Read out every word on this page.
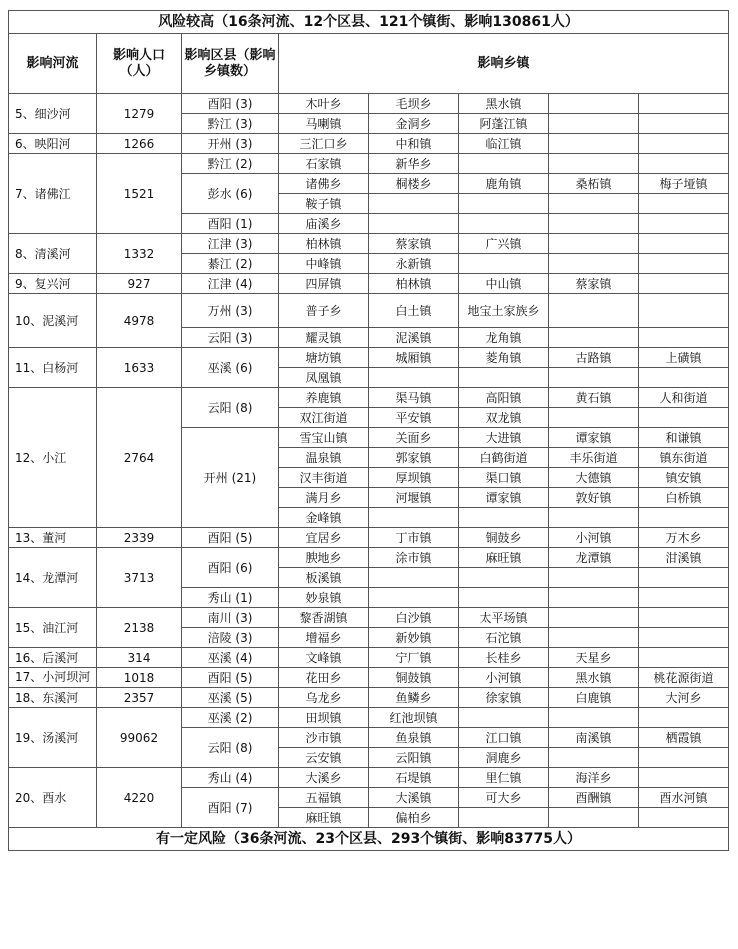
风险较高（16条河流、12个区县、121个镇街、影响130861人）							
影响河流	影响人口（人）	影响区县（影响乡镇数）	影响乡镇				
5、细沙河	1279	酉阳 (3)	木叶乡	毛坝乡	黑水镇		
		黔江 (3)	马喇镇	金洞乡	阿蓬江镇		
6、映阳河	1266	开州 (3)	三汇口乡	中和镇	临江镇		
7、诸佛江	1521	黔江 (2)	石家镇	新华乡			
		彭水 (6)	诸佛乡	桐楼乡	鹿角镇	桑柘镇	梅子垭镇
			鞍子镇				
		酉阳 (1)	庙溪乡				
8、清溪河	1332	江津 (3)	柏林镇	蔡家镇	广兴镇		
		綦江 (2)	中峰镇	永新镇			
9、复兴河	927	江津 (4)	四屏镇	柏林镇	中山镇	蔡家镇	
10、泥溪河	4978	万州 (3)	普子乡	白土镇	地宝土家族乡		
		云阳 (3)	耀灵镇	泥溪镇	龙角镇		
11、白杨河	1633	巫溪 (6)	塘坊镇	城厢镇	菱角镇	古路镇	上磺镇
			凤凰镇				
12、小江	2764	云阳 (8)	养鹿镇	渠马镇	高阳镇	黄石镇	人和街道
			双江街道	平安镇	双龙镇		
		开州 (21)	雪宝山镇	关面乡	大进镇	谭家镇	和谦镇
			温泉镇	郭家镇	白鹤街道	丰乐街道	镇东街道
			汉丰街道	厚坝镇	渠口镇	大德镇	镇安镇
			满月乡	河堰镇	谭家镇	敦好镇	白桥镇
			金峰镇				
13、董河	2339	酉阳 (5)	宜居乡	丁市镇	铜鼓乡	小河镇	万木乡
14、龙潭河	3713	酉阳 (6)	腴地乡	涂市镇	麻旺镇	龙潭镇	泔溪镇
			板溪镇				
		秀山 (1)	妙泉镇				
15、油江河	2138	南川 (3)	黎香湖镇	白沙镇	太平场镇		
		涪陵 (3)	增福乡	新妙镇	石沱镇		
16、后溪河	314	巫溪 (4)	文峰镇	宁厂镇	长桂乡	天星乡	
17、小河坝河	1018	酉阳 (5)	花田乡	铜鼓镇	小河镇	黑水镇	桃花源街道
18、东溪河	2357	巫溪 (5)	乌龙乡	鱼鳞乡	徐家镇	白鹿镇	大河乡
19、汤溪河	99062	巫溪 (2)	田坝镇	红池坝镇			
		云阳 (8)	沙市镇	鱼泉镇	江口镇	南溪镇	栖霞镇
			云安镇	云阳镇	洞鹿乡		
20、酉水	4220	秀山 (4)	大溪乡	石堤镇	里仁镇	海洋乡	
		酉阳 (7)	五福镇	大溪镇	可大乡	酉酬镇	酉水河镇
			麻旺镇	偏柏乡			
有一定风险（36条河流、23个区县、293个镇街、影响83775人）							
